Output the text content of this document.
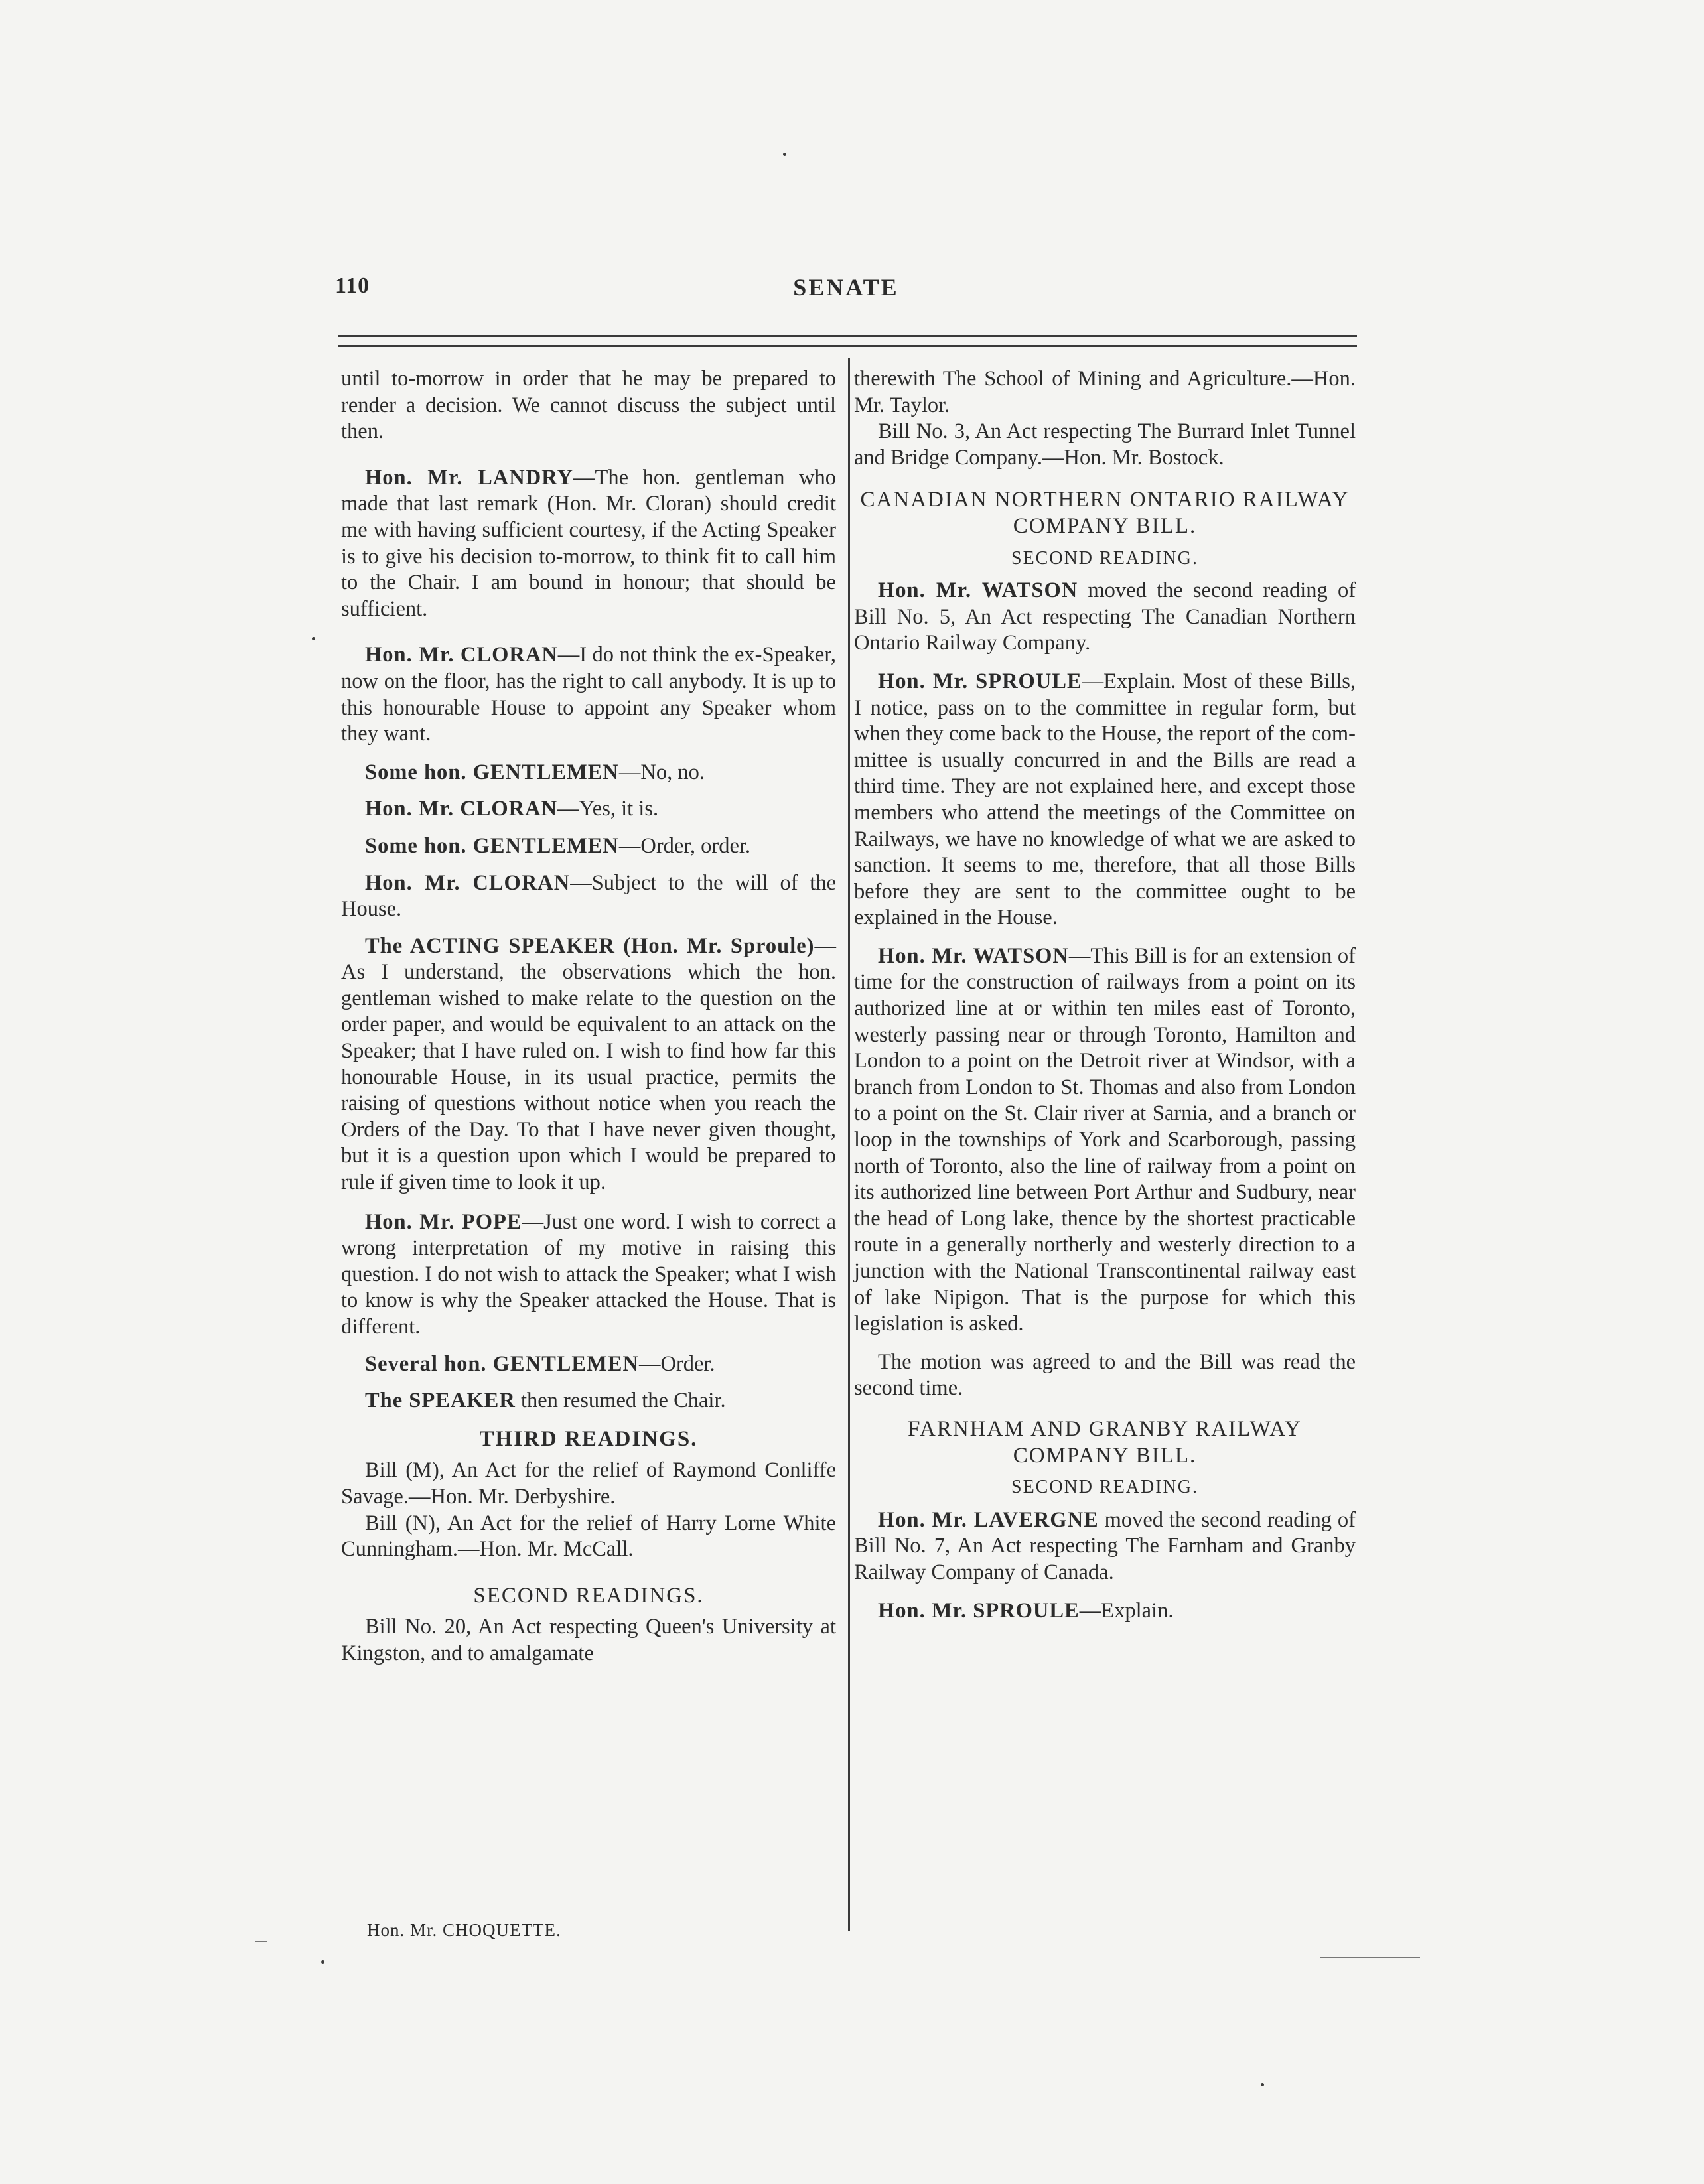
110	SENATE

until to-morrow in order that he may be prepared to render a decision. We cannot discuss the subject until then.

Hon. Mr. LANDRY—The hon. gentleman who made that last remark (Hon. Mr. Cloran) should credit me with having sufficient courtesy, if the Acting Speaker is to give his decision to-morrow, to think fit to call him to the Chair. I am bound in honour; that should be sufficient.

Hon. Mr. CLORAN—I do not think the ex-Speaker, now on the floor, has the right to call anybody. It is up to this honourable House to appoint any Speaker whom they want.

Some hon. GENTLEMEN—No, no.

Hon. Mr. CLORAN—Yes, it is.

Some hon. GENTLEMEN—Order, order.

Hon. Mr. CLORAN—Subject to the will of the House.

The ACTING SPEAKER (Hon. Mr. Sproule)—As I understand, the observations which the hon. gentleman wished to make relate to the question on the order paper, and would be equivalent to an attack on the Speaker; that I have ruled on. I wish to find how far this honourable House, in its usual practice, permits the raising of questions without notice when you reach the Orders of the Day. To that I have never given thought, but it is a question upon which I would be prepared to rule if given time to look it up.

Hon. Mr. POPE—Just one word. I wish to correct a wrong interpretation of my motive in raising this question. I do not wish to attack the Speaker; what I wish to know is why the Speaker attacked the House. That is different.

Several hon. GENTLEMEN—Order.

The SPEAKER then resumed the Chair.

THIRD READINGS.

Bill (M), An Act for the relief of Raymond Conliffe Savage.—Hon. Mr. Derbyshire.

Bill (N), An Act for the relief of Harry Lorne White Cunningham.—Hon. Mr. McCall.

SECOND READINGS.

Bill No. 20, An Act respecting Queen's University at Kingston, and to amalgamate

therewith The School of Mining and Agriculture.—Hon. Mr. Taylor.

Bill No. 3, An Act respecting The Burrard Inlet Tunnel and Bridge Company.—Hon. Mr. Bostock.

CANADIAN NORTHERN ONTARIO RAILWAY COMPANY BILL.
SECOND READING.

Hon. Mr. WATSON moved the second reading of Bill No. 5, An Act respecting The Canadian Northern Ontario Railway Company.

Hon. Mr. SPROULE—Explain. Most of these Bills, I notice, pass on to the committee in regular form, but when they come back to the House, the report of the committee is usually concurred in and the Bills are read a third time. They are not explained here, and except those members who attend the meetings of the Committee on Railways, we have no knowledge of what we are asked to sanction. It seems to me, therefore, that all those Bills before they are sent to the committee ought to be explained in the House.

Hon. Mr. WATSON—This Bill is for an extension of time for the construction of railways from a point on its authorized line at or within ten miles east of Toronto, westerly passing near or through Toronto, Hamilton and London to a point on the Detroit river at Windsor, with a branch from London to St. Thomas and also from London to a point on the St. Clair river at Sarnia, and a branch or loop in the townships of York and Scarborough, passing north of Toronto, also the line of railway from a point on its authorized line between Port Arthur and Sudbury, near the head of Long lake, thence by the shortest practicable route in a generally northerly and westerly direction to a junction with the National Transcontinental railway east of lake Nipigon. That is the purpose for which this legislation is asked.

The motion was agreed to and the Bill was read the second time.

FARNHAM AND GRANBY RAILWAY COMPANY BILL.
SECOND READING.

Hon. Mr. LAVERGNE moved the second reading of Bill No. 7, An Act respecting The Farnham and Granby Railway Company of Canada.

Hon. Mr. SPROULE—Explain.

Hon. Mr. CHOQUETTE.
